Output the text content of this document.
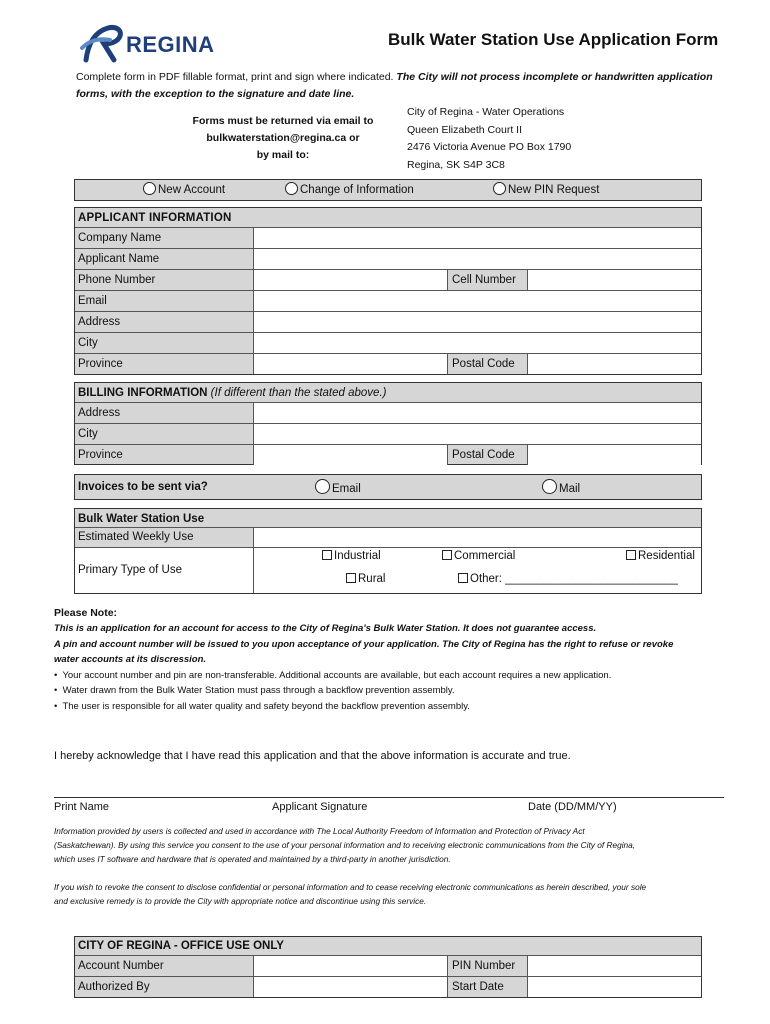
REGINA	Bulk Water Station Use Application Form
Complete form in PDF fillable format, print and sign where indicated. The City will not process incomplete or handwritten application forms, with the exception to the signature and date line.
Forms must be returned via email to
bulkwaterstation@regina.ca or
by mail to:
City of Regina - Water Operations
Queen Elizabeth Court II
2476 Victoria Avenue PO Box 1790
Regina, SK S4P 3C8
New Account	Change of Information	New PIN Request
APPLICANT INFORMATION
Company Name
Applicant Name
Phone Number	Cell Number
Email
Address
City
Province	Postal Code
BILLING INFORMATION (If different than the stated above.)
Address
City
Province	Postal Code
Invoices to be sent via?	Email	Mail
Bulk Water Station Use
Estimated Weekly Use
Primary Type of Use
Industrial	Commercial	Residential
Rural	Other: ___________________________
Please Note:
This is an application for an account for access to the City of Regina's Bulk Water Station. It does not guarantee access.
A pin and account number will be issued to you upon acceptance of your application. The City of Regina has the right to refuse or revoke
water accounts at its discression.
•  Your account number and pin are non-transferable. Additional accounts are available, but each account requires a new application.
•  Water drawn from the Bulk Water Station must pass through a backflow prevention assembly.
•  The user is responsible for all water quality and safety beyond the backflow prevention assembly.
I hereby acknowledge that I have read this application and that the above information is accurate and true.
Print Name	Applicant Signature	Date (DD/MM/YY)
Information provided by users is collected and used in accordance with The Local Authority Freedom of Information and Protection of Privacy Act
(Saskatchewan). By using this service you consent to the use of your personal information and to receiving electronic communications from the City of Regina,
which uses IT software and hardware that is operated and maintained by a third-party in another jurisdiction.
If you wish to revoke the consent to disclose confidential or personal information and to cease receiving electronic communications as herein described, your sole
and exclusive remedy is to provide the City with appropriate notice and discontinue using this service.
CITY OF REGINA - OFFICE USE ONLY
Account Number	PIN Number
Authorized By	Start Date
